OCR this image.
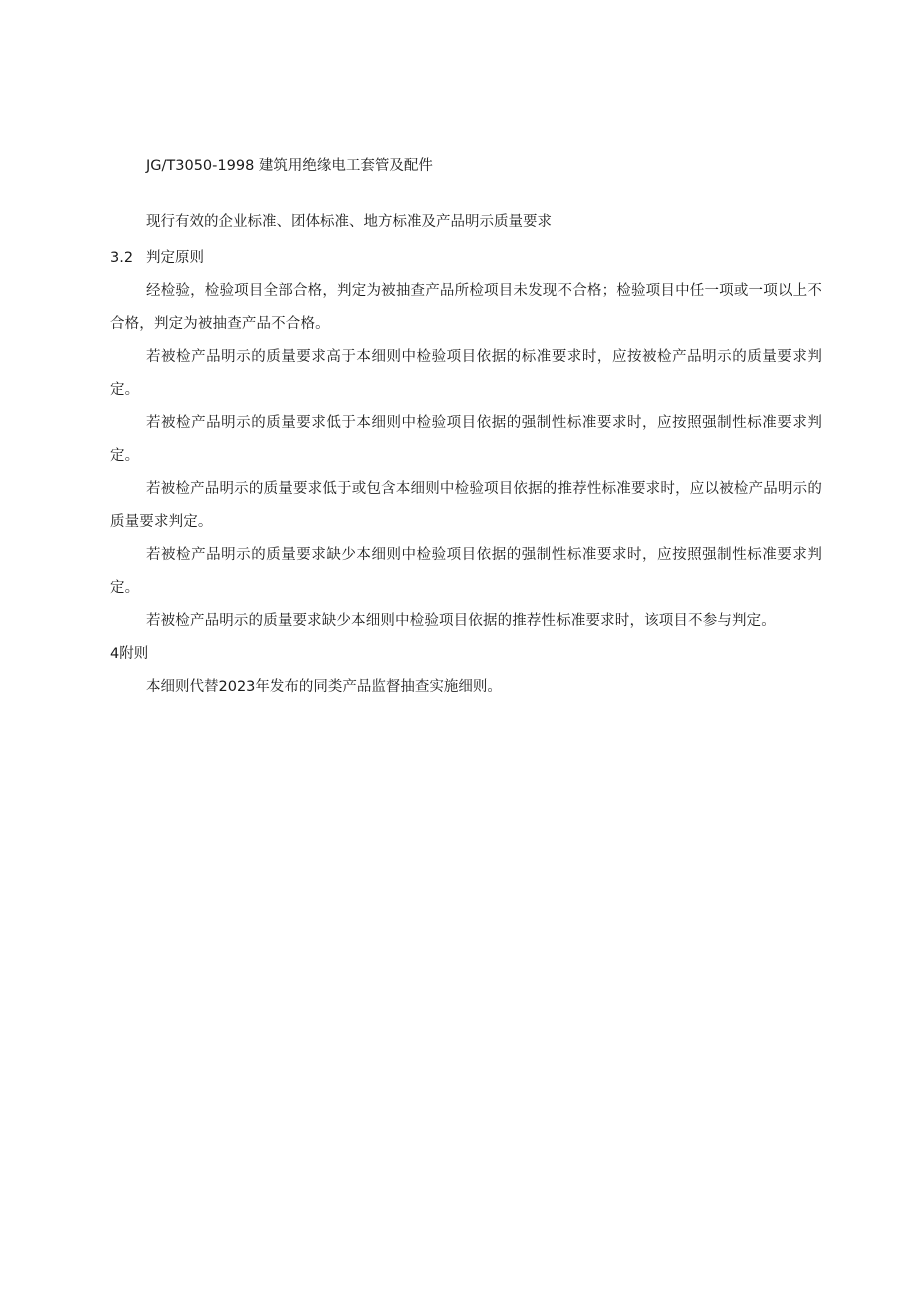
JG/T3050-1998 建筑用绝缘电工套管及配件

现行有效的企业标准、团体标准、地方标准及产品明示质量要求

3.2 判定原则

经检验，检验项目全部合格，判定为被抽查产品所检项目未发现不合格；检验项目中任一项或一项以上不合格，判定为被抽查产品不合格。

若被检产品明示的质量要求高于本细则中检验项目依据的标准要求时，应按被检产品明示的质量要求判定。

若被检产品明示的质量要求低于本细则中检验项目依据的强制性标准要求时，应按照强制性标准要求判定。

若被检产品明示的质量要求低于或包含本细则中检验项目依据的推荐性标准要求时，应以被检产品明示的质量要求判定。

若被检产品明示的质量要求缺少本细则中检验项目依据的强制性标准要求时，应按照强制性标准要求判定。

若被检产品明示的质量要求缺少本细则中检验项目依据的推荐性标准要求时，该项目不参与判定。

4附则

本细则代替2023年发布的同类产品监督抽查实施细则。
